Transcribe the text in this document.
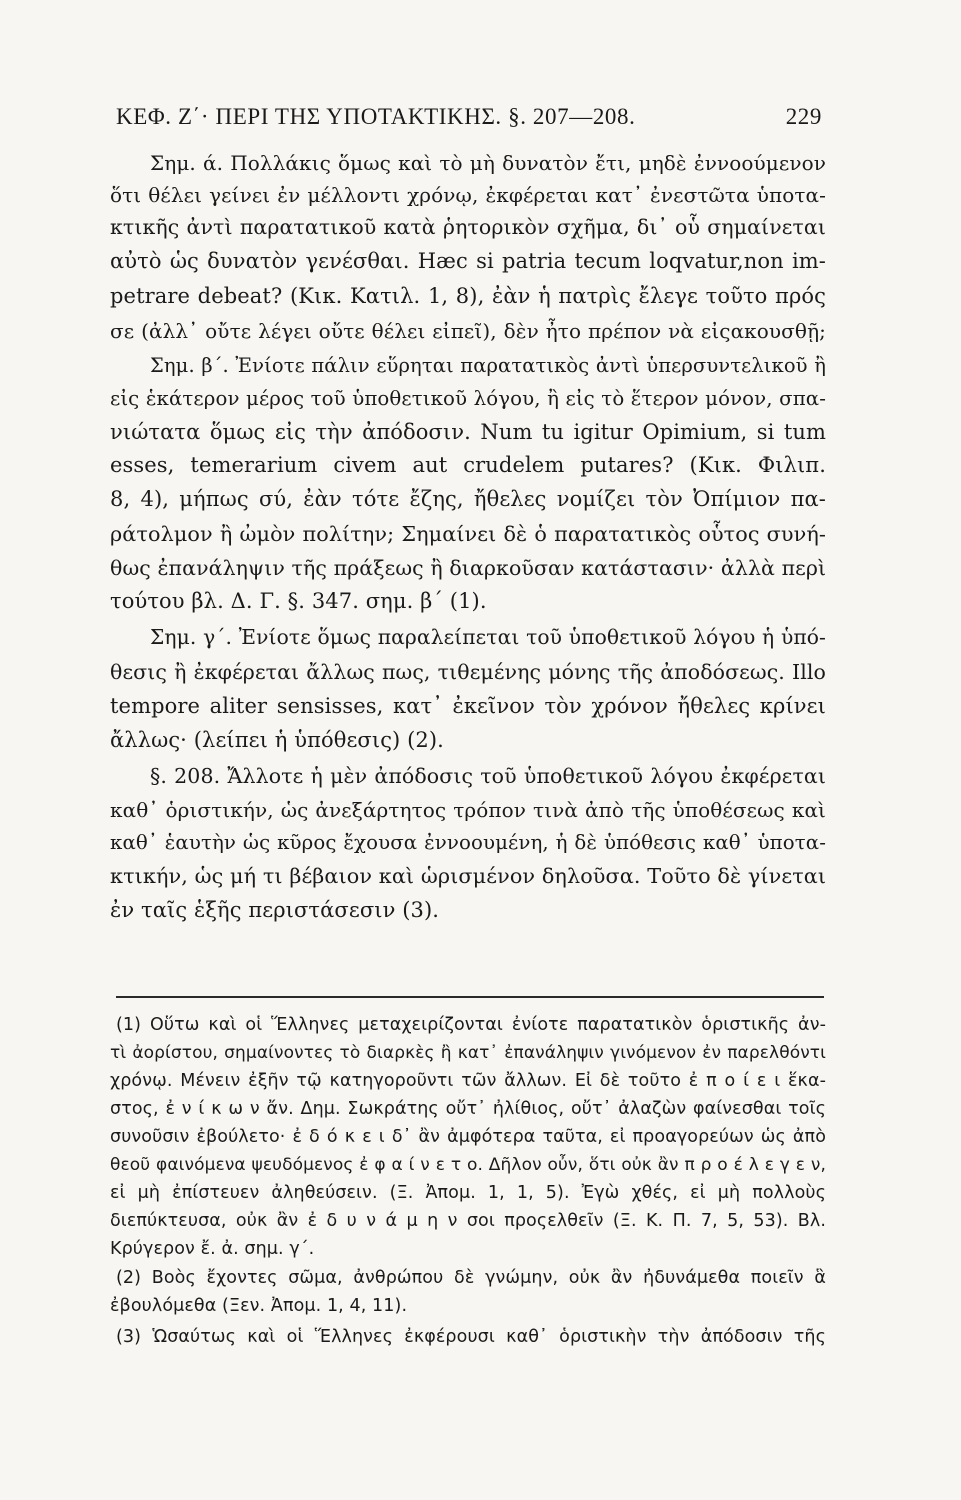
ΚΕΦ. Ζ΄· ΠΕΡΙ ΤΗΣ ΥΠΟΤΑΚΤΙΚΗΣ. §. 207—208.	229
Σημ. ά. Πολλάκις ὅμως καὶ τὸ μὴ δυνατὸν ἔτι, μηδὲ ἐννοούμενον
ὅτι θέλει γείνει ἐν μέλλοντι χρόνῳ, ἐκφέρεται κατ᾽ ἐνεστῶτα ὑποτα-
κτικῆς ἀντὶ παρατατικοῦ κατὰ ῥητορικὸν σχῆμα, δι᾽ οὗ σημαίνεται
αὐτὸ ὡς δυνατὸν γενέσθαι. Hæc si patria tecum loqvatur,non im-
petrare debeat? (Κικ. Κατιλ. 1, 8), ἐὰν ἡ πατρὶς ἔλεγε τοῦτο πρός
σε (ἀλλ᾽ οὔτε λέγει οὔτε θέλει εἰπεῖ), δὲν ἦτο πρέπον νὰ εἰςακουσθῇ;
Σημ. β΄. Ἐνίοτε πάλιν εὕρηται παρατατικὸς ἀντὶ ὑπερσυντελικοῦ ἢ
εἰς ἑκάτερον μέρος τοῦ ὑποθετικοῦ λόγου, ἢ εἰς τὸ ἕτερον μόνον, σπα-
νιώτατα ὅμως εἰς τὴν ἀπόδοσιν. Num tu igitur Opimium, si tum
esses, temerarium civem aut crudelem putares? (Κικ. Φιλιπ.
8, 4), μήπως σύ, ἐὰν τότε ἔζης, ἤθελες νομίζει τὸν Ὀπίμιον πα-
ράτολμον ἢ ὠμὸν πολίτην; Σημαίνει δὲ ὁ παρατατικὸς οὗτος συνή-
θως ἐπανάληψιν τῆς πράξεως ἢ διαρκοῦσαν κατάστασιν· ἀλλὰ περὶ
τούτου βλ. Δ. Γ. §. 347. σημ. β΄ (1).
Σημ. γ΄. Ἐνίοτε ὅμως παραλείπεται τοῦ ὑποθετικοῦ λόγου ἡ ὑπό-
θεσις ἢ ἐκφέρεται ἄλλως πως, τιθεμένης μόνης τῆς ἀποδόσεως. Illo
tempore aliter sensisses, κατ᾽ ἐκεῖνον τὸν χρόνον ἤθελες κρίνει
ἄλλως· (λείπει ἡ ὑπόθεσις) (2).
§. 208. Ἄλλοτε ἡ μὲν ἀπόδοσις τοῦ ὑποθετικοῦ λόγου ἐκφέρεται
καθ᾽ ὁριστικήν, ὡς ἀνεξάρτητος τρόπον τινὰ ἀπὸ τῆς ὑποθέσεως καὶ
καθ᾽ ἑαυτὴν ὡς κῦρος ἔχουσα ἐννοουμένη, ἡ δὲ ὑπόθεσις καθ᾽ ὑποτα-
κτικήν, ὡς μή τι βέβαιον καὶ ὡρισμένον δηλοῦσα. Τοῦτο δὲ γίνεται
ἐν ταῖς ἑξῆς περιστάσεσιν (3).
(1) Οὕτω καὶ οἱ Ἕλληνες μεταχειρίζονται ἐνίοτε παρατατικὸν ὁριστικῆς ἀν-
τὶ ἀορίστου, σημαίνοντες τὸ διαρκὲς ἢ κατ᾽ ἐπανάληψιν γινόμενον ἐν παρελθόντι
χρόνῳ. Μένειν ἐξῆν τῷ κατηγοροῦντι τῶν ἄλλων. Εἰ δὲ τοῦτο ἐ π ο ί ε ι ἕκα-
στος, ἐ ν ί κ ω ν ἄν. Δημ. Σωκράτης οὔτ᾽ ἠλίθιος, οὔτ᾽ ἀλαζὼν φαίνεσθαι τοῖς
συνοῦσιν ἐβούλετο· ἐ δ ό κ ε ι δ᾽ ἂν ἀμφότερα ταῦτα, εἰ προαγορεύων ὡς ἀπὸ
θεοῦ φαινόμενα ψευδόμενος ἐ φ α ί ν ε τ ο. Δῆλον οὖν, ὅτι οὐκ ἂν π ρ ο έ λ ε γ ε ν,
εἰ μὴ ἐπίστευεν ἀληθεύσειν. (Ξ. Ἀπομ. 1, 1, 5). Ἐγὼ χθές, εἰ μὴ πολλοὺς
διεπύκτευσα, οὐκ ἂν ἐ δ υ ν ά μ η ν σοι προςελθεῖν (Ξ. Κ. Π. 7, 5, 53). Βλ.
Κρύγερον ἔ. ἀ. σημ. γ΄.
(2) Βοὸς ἔχοντες σῶμα, ἀνθρώπου δὲ γνώμην, οὐκ ἂν ἠδυνάμεθα ποιεῖν ἃ
ἐβουλόμεθα (Ξεν. Ἀπομ. 1, 4, 11).
(3) Ὡσαύτως καὶ οἱ Ἕλληνες ἐκφέρουσι καθ᾽ ὁριστικὴν τὴν ἀπόδοσιν τῆς
